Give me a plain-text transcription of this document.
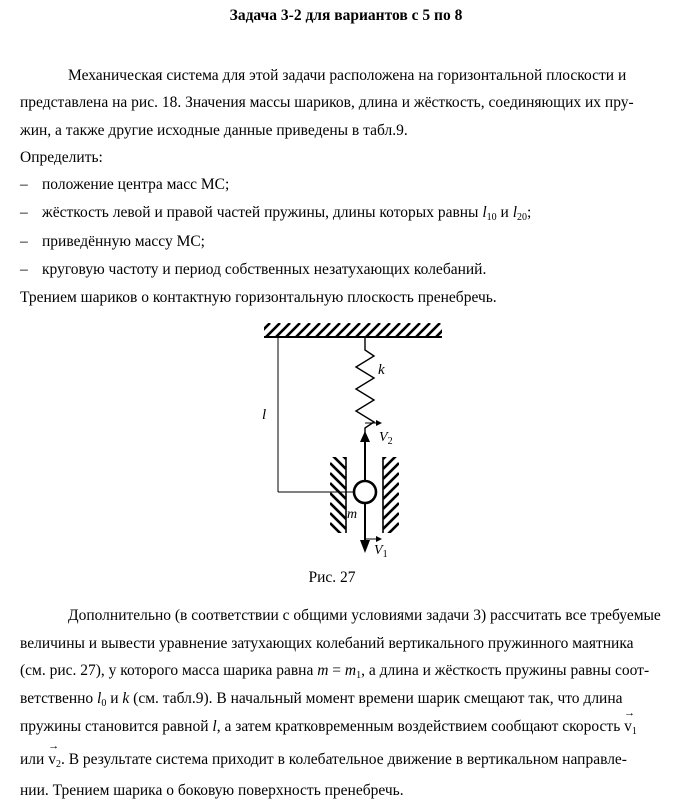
Задача 3-2 для вариантов с 5 по 8
Механическая система для этой задачи расположена на горизонтальной плоскости и
представлена на рис. 18. Значения массы шариков, длина и жёсткость, соединяющих их пру-
жин, а также другие исходные данные приведены в табл.9.
Определить:
– положение центра масс МС;
– жёсткость левой и правой частей пружины, длины которых равны $l_{10}$ и $l_{20}$;
– приведённую массу МС;
– круговую частоту и период собственных незатухающих колебаний.
Трением шариков о контактную горизонтальную плоскость пренебречь.
l
k
$V_2$
m
$V_1$
Рис. 27
Дополнительно (в соответствии с общими условиями задачи 3) рассчитать все требуемые
величины и вывести уравнение затухающих колебаний вертикального пружинного маятника
(см. рис. 27), у которого масса шарика равна $m = m_1$, а длина и жёсткость пружины равны соот-
ветственно $l_0$ и k (см. табл.9). В начальный момент времени шарик смещают так, что длина
пружины становится равной l, а затем кратковременным воздействием сообщают скорость
→
$v_1$
или
→
$v_2$. В результате система приходит в колебательное движение в вертикальном направле-
нии. Трением шарика о боковую поверхность пренебречь.
